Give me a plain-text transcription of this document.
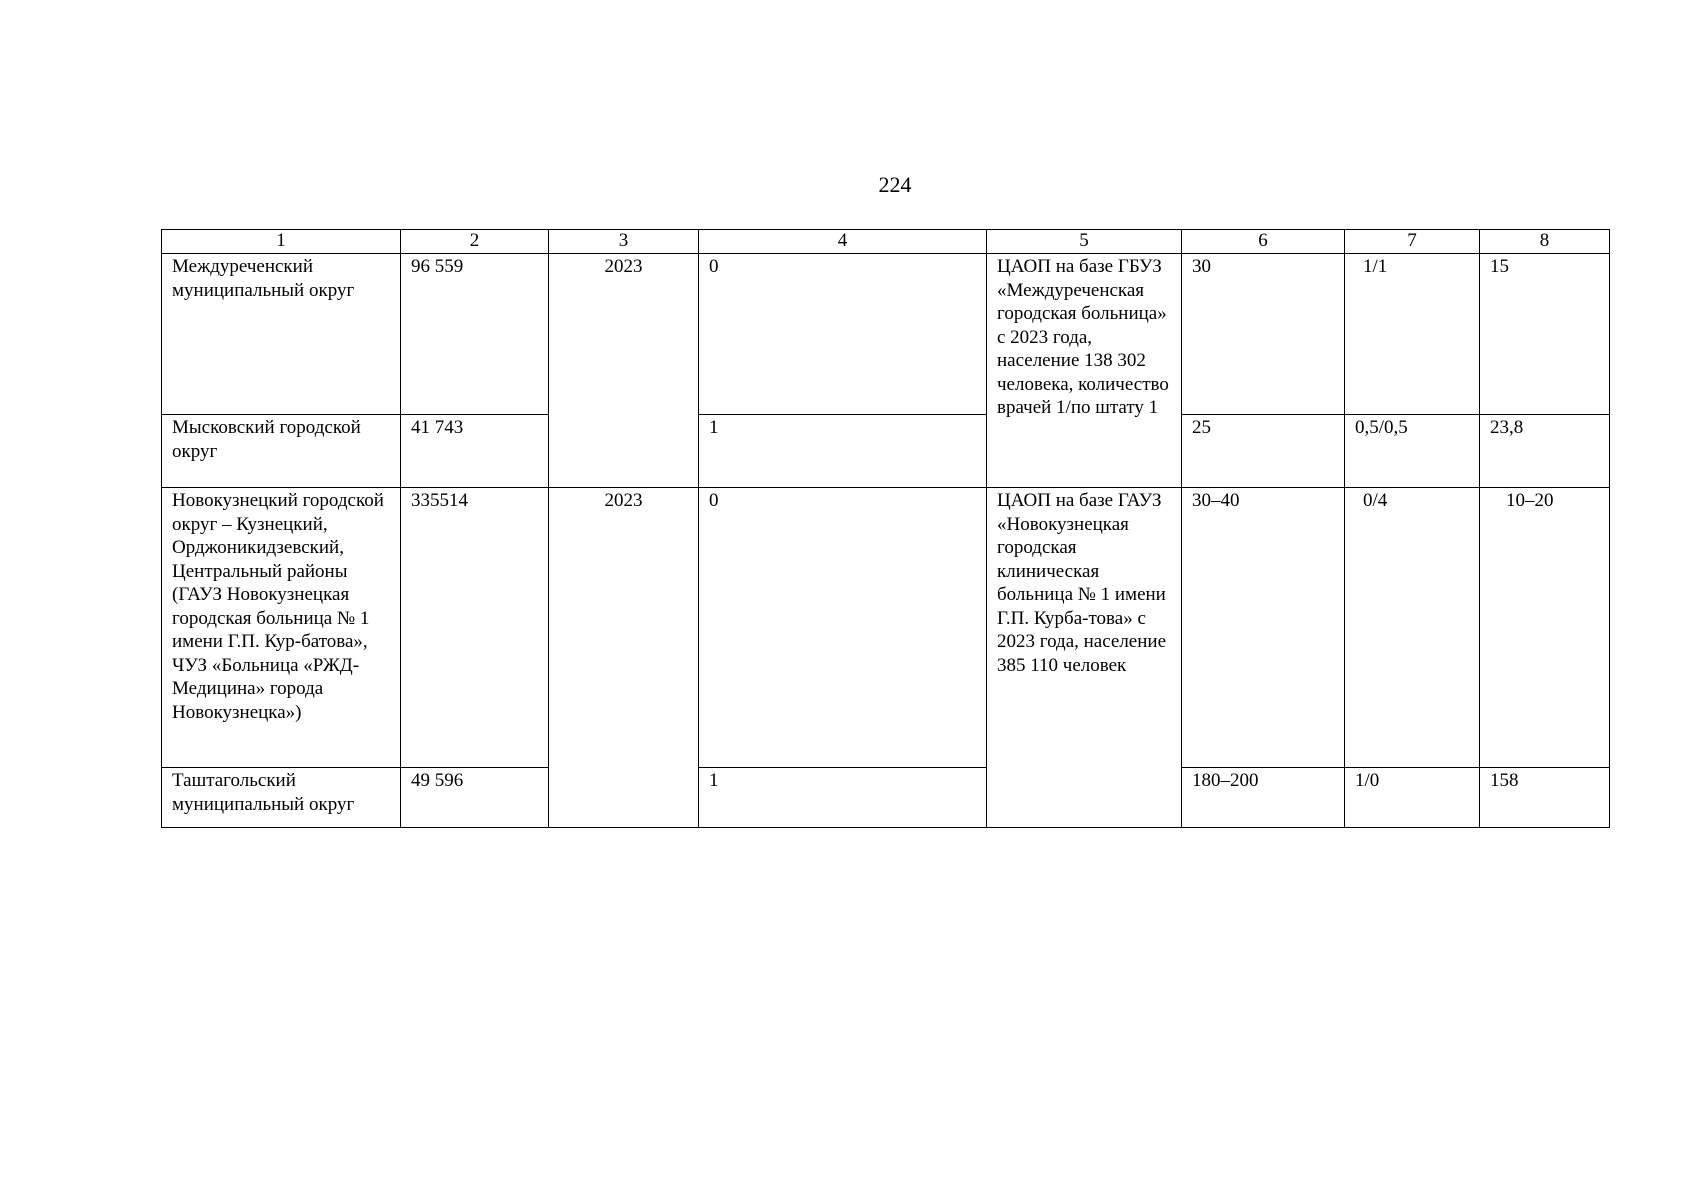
224
1	2	3	4	5	6	7	8
Междуреченский муниципальный округ	96 559	2023	0	ЦАОП на базе ГБУЗ «Междуреченская городская больница» с 2023 года, население 138 302 человека, количество врачей 1/по штату 1	30	1/1	15
Мысковский городской округ	41 743		1		25	0,5/0,5	23,8
Новокузнецкий городской округ – Кузнецкий, Орджоникидзевский, Центральный районы (ГАУЗ Новокузнецкая городская больница № 1 имени Г.П. Кур-батова», ЧУЗ «Больница «РЖД-Медицина» города Новокузнецка»)	335514	2023	0	ЦАОП на базе ГАУЗ «Новокузнецкая городская клиническая больница № 1 имени Г.П. Курба-това» с 2023 года, население 385 110 человек	30–40	0/4	10–20
Таштагольский муниципальный округ	49 596		1		180–200	1/0	158
